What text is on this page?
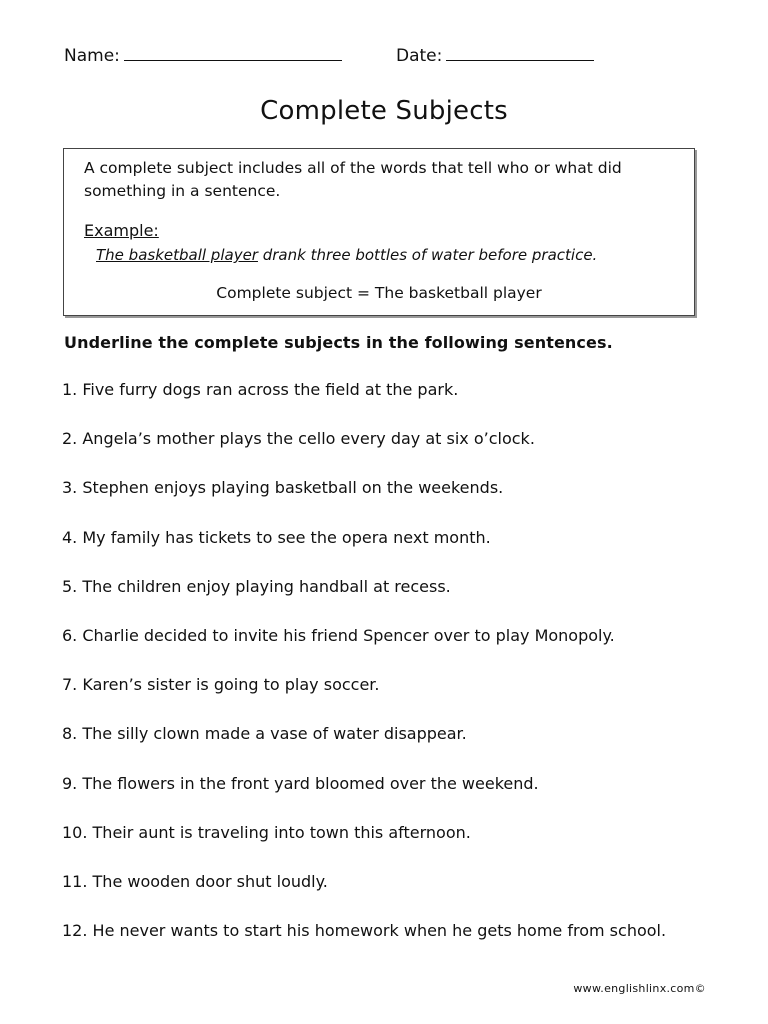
Name:	Date:
Complete Subjects
A complete subject includes all of the words that tell who or what did something in a sentence.
Example:
The basketball player drank three bottles of water before practice.
Complete subject = The basketball player
Underline the complete subjects in the following sentences.
1. Five furry dogs ran across the field at the park.
2. Angela’s mother plays the cello every day at six o’clock.
3. Stephen enjoys playing basketball on the weekends.
4. My family has tickets to see the opera next month.
5. The children enjoy playing handball at recess.
6. Charlie decided to invite his friend Spencer over to play Monopoly.
7. Karen’s sister is going to play soccer.
8. The silly clown made a vase of water disappear.
9. The flowers in the front yard bloomed over the weekend.
10. Their aunt is traveling into town this afternoon.
11. The wooden door shut loudly.
12. He never wants to start his homework when he gets home from school.
www.englishlinx.com©
